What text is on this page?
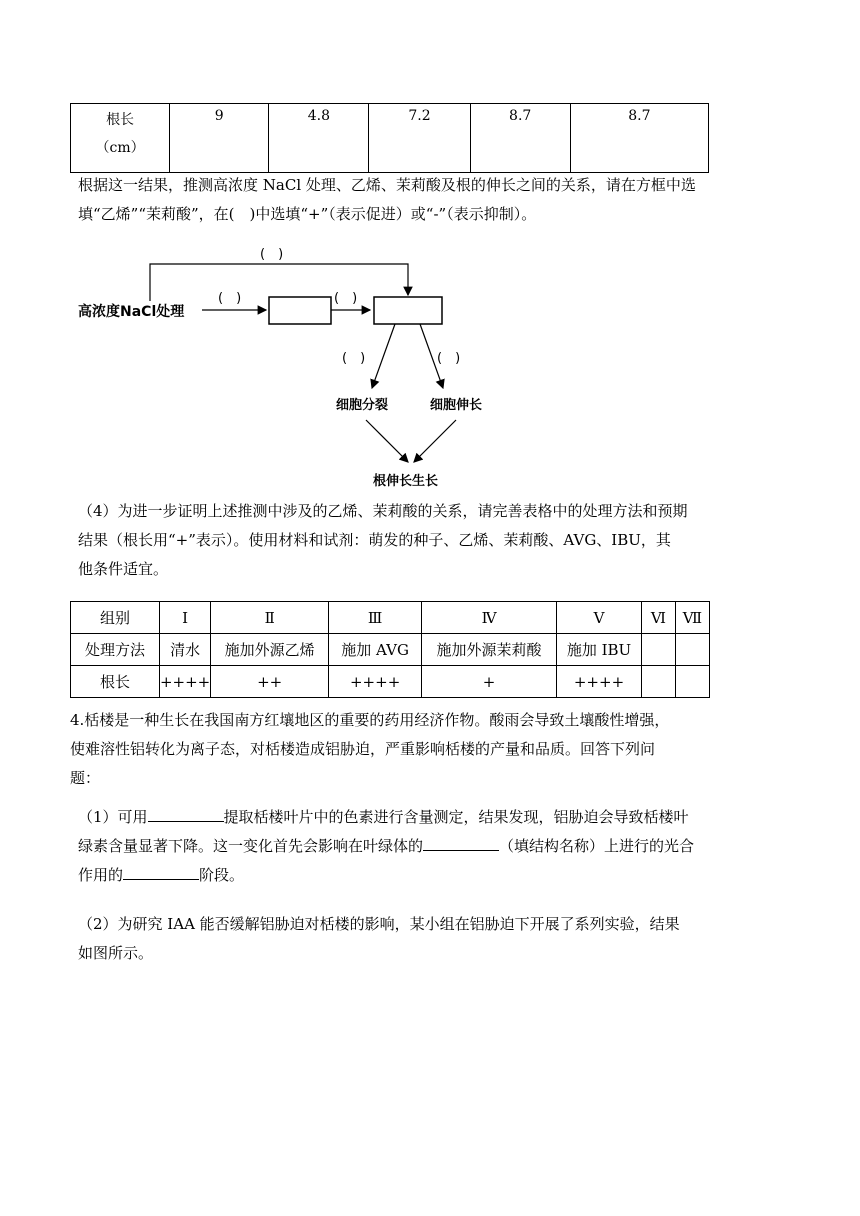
根长
（cm）	9	4.8	7.2	8.7	8.7

根据这一结果，推测高浓度 NaCl 处理、乙烯、茉莉酸及根的伸长之间的关系，请在方框中选

填“乙烯”“茉莉酸”，在(　)中选填“+”（表示促进）或“-”（表示抑制）。

(　)
高浓度NaCl处理
(　)	(　)
(　)	(　)
细胞分裂	细胞伸长
根伸长生长

（4）为进一步证明上述推测中涉及的乙烯、茉莉酸的关系，请完善表格中的处理方法和预期

结果（根长用“+”表示）。使用材料和试剂：萌发的种子、乙烯、茉莉酸、AVG、IBU，其

他条件适宜。

组别	Ⅰ	Ⅱ	Ⅲ	Ⅳ	Ⅴ	Ⅵ	Ⅶ
处理方法	清水	施加外源乙烯	施加 AVG	施加外源茉莉酸	施加 IBU		
根长	++++	++	++++	+	++++		

4.栝楼是一种生长在我国南方红壤地区的重要的药用经济作物。酸雨会导致土壤酸性增强，

使难溶性铝转化为离子态，对栝楼造成铝胁迫，严重影响栝楼的产量和品质。回答下列问

题：

（1）可用	提取栝楼叶片中的色素进行含量测定，结果发现，铝胁迫会导致栝楼叶

绿素含量显著下降。这一变化首先会影响在叶绿体的	（填结构名称）上进行的光合

作用的	阶段。

（2）为研究 IAA 能否缓解铝胁迫对栝楼的影响，某小组在铝胁迫下开展了系列实验，结果

如图所示。
